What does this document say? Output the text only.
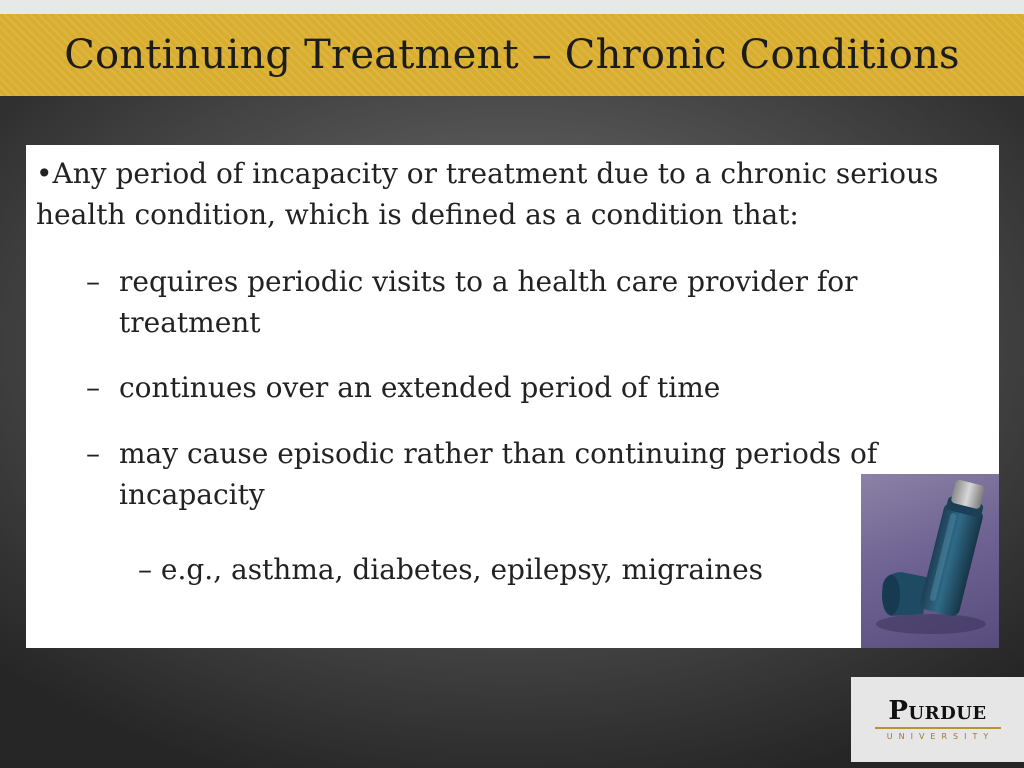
Continuing Treatment – Chronic Conditions
•Any period of incapacity or treatment due to a chronic serious health condition, which is defined as a condition that:
– requires periodic visits to a health care provider for treatment
– continues over an extended period of time
– may cause episodic rather than continuing periods of incapacity
– e.g., asthma, diabetes, epilepsy, migraines
Purdue
UNIVERSITY
